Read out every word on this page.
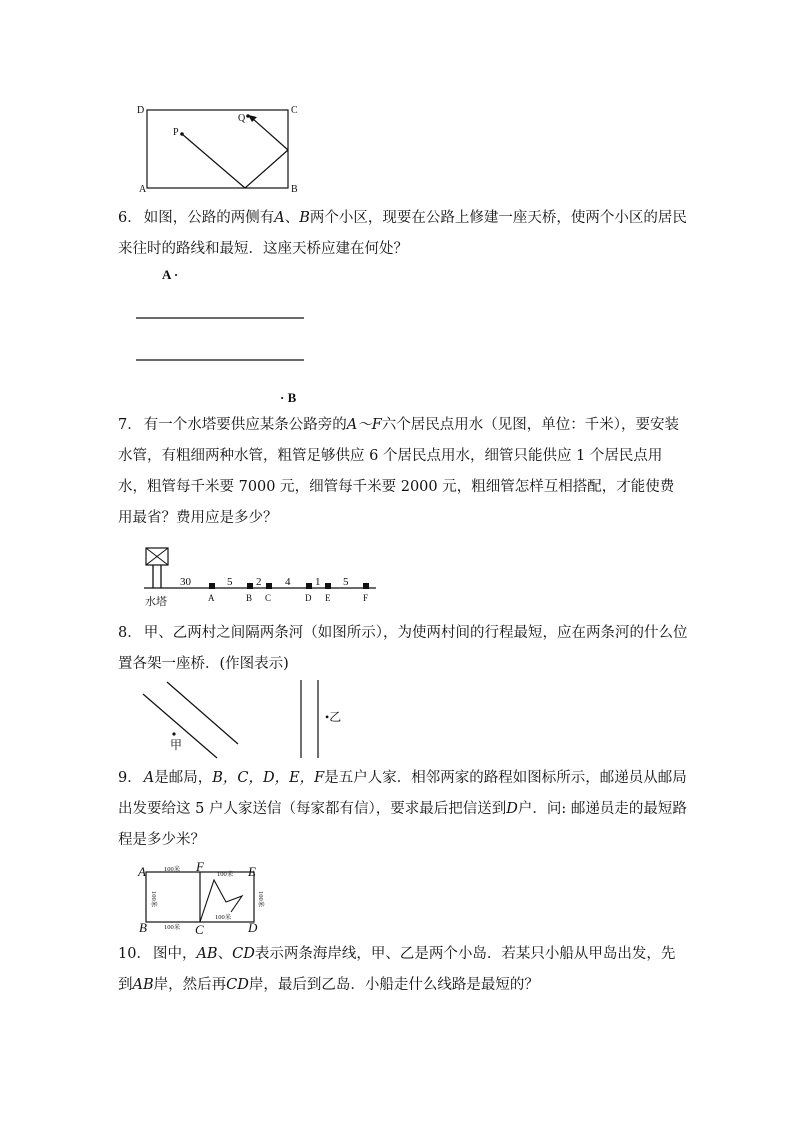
D	C
A	B
P
Q
6． 如图，公路的两侧有A、B两个小区，现要在公路上修建一座天桥，使两个小区的居民来往时的路线和最短．这座天桥应建在何处？
A ·
· B
7． 有一个水塔要供应某条公路旁的A～F六个居民点用水（见图，单位：千米），要安装水管，有粗细两种水管，粗管足够供应 6 个居民点用水，细管只能供应 1 个居民点用水，粗管每千米要 7000 元，细管每千米要 2000 元，粗细管怎样互相搭配，才能使费用最省？费用应是多少？
水塔
30	5 2 4 1 5
A	B C	D E	F
8． 甲、乙两村之间隔两条河（如图所示），为使两村间的行程最短，应在两条河的什么位置各架一座桥．(作图表示)
甲
•乙
9． A是邮局，B，C，D，E，F是五户人家．相邻两家的路程如图标所示，邮递员从邮局出发要给这 5 户人家送信（每家都有信），要求最后把信送到D户．问: 邮递员走的最短路程是多少米？
A	F	E
B	C	D
100米
100米
100米
100米
100米	100米
10． 图中，AB、CD表示两条海岸线，甲、乙是两个小岛．若某只小船从甲岛出发，先到AB岸，然后再CD岸，最后到乙岛．小船走什么线路是最短的？
